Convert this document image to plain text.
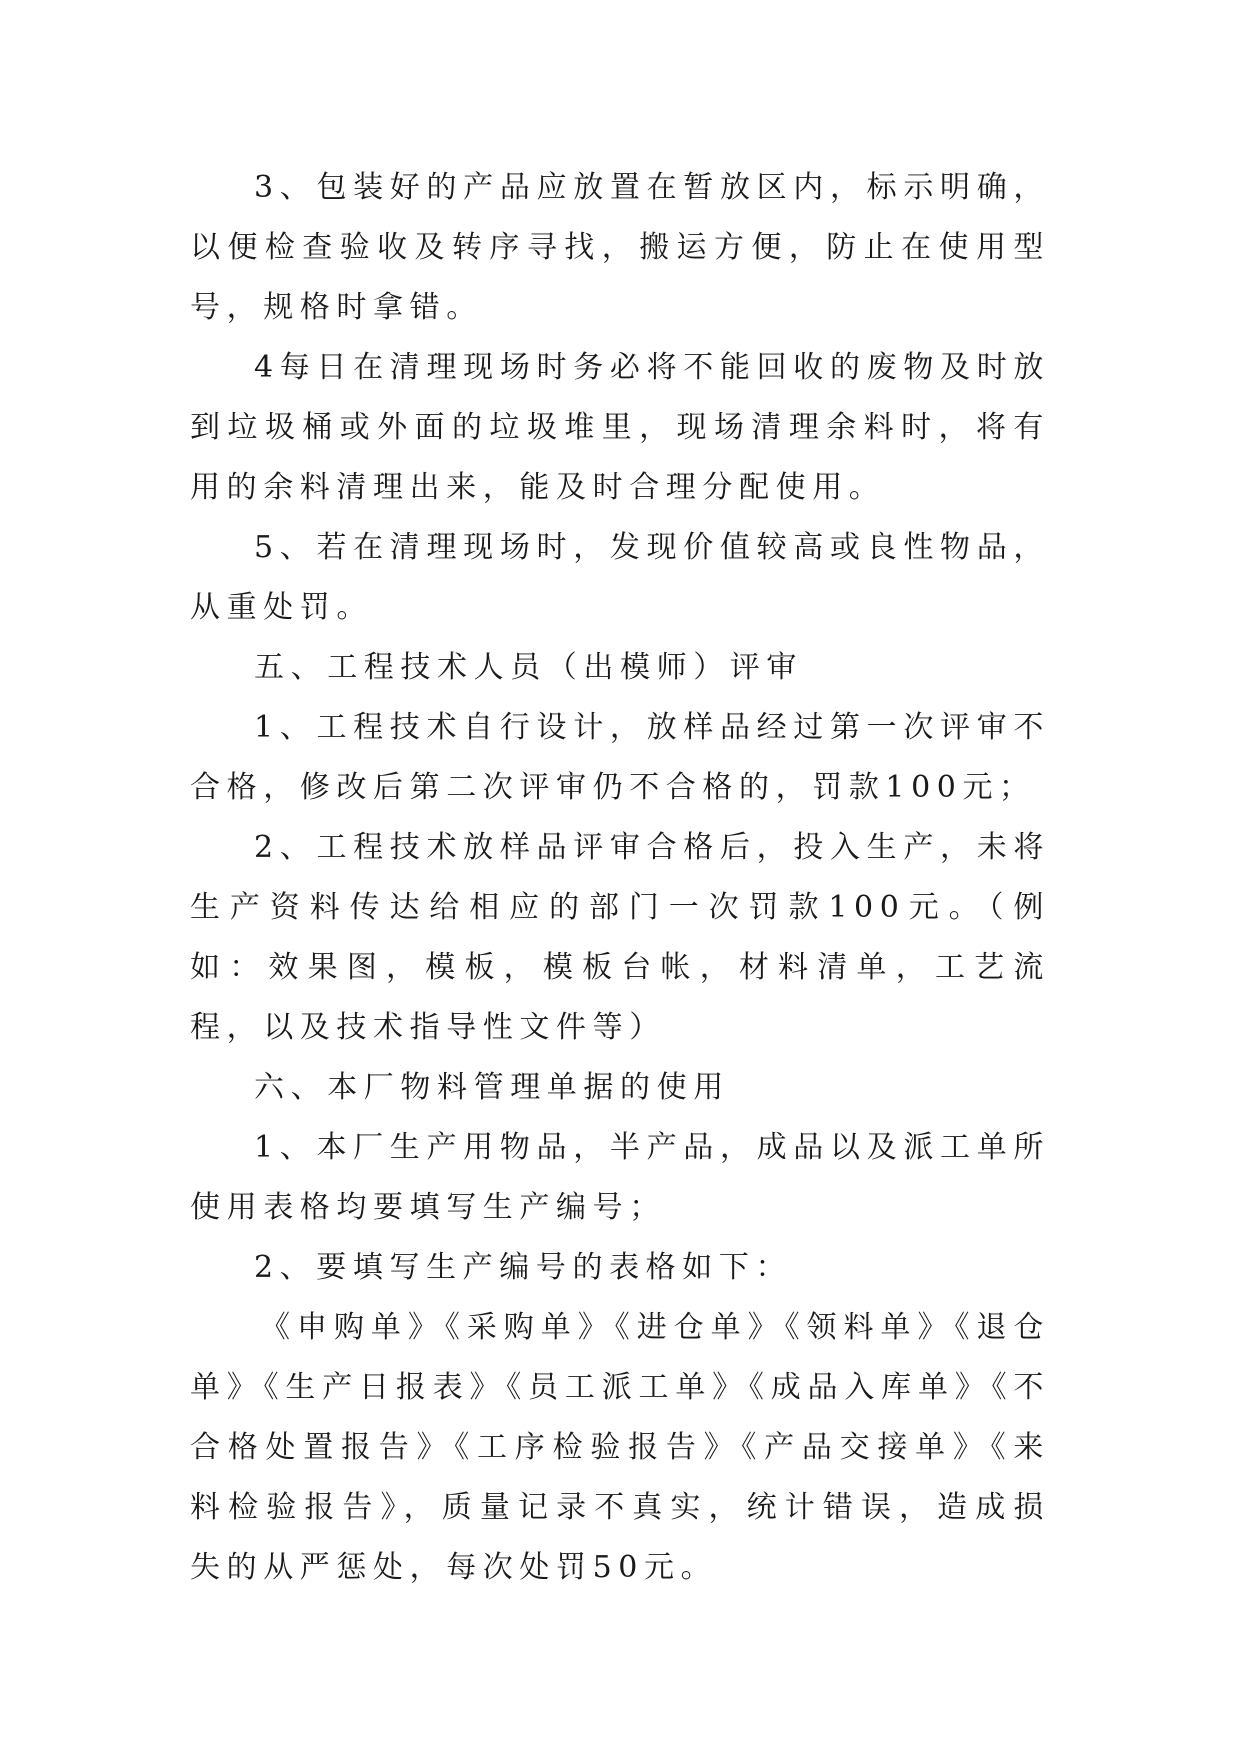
3、包装好的产品应放置在暂放区内，标示明确，以便检查验收及转序寻找，搬运方便，防止在使用型号，规格时拿错。

4每日在清理现场时务必将不能回收的废物及时放到垃圾桶或外面的垃圾堆里，现场清理余料时，将有用的余料清理出来，能及时合理分配使用。

5、若在清理现场时，发现价值较高或良性物品，从重处罚。

五、工程技术人员（出模师）评审

1、工程技术自行设计，放样品经过第一次评审不合格，修改后第二次评审仍不合格的，罚款100元；

2、工程技术放样品评审合格后，投入生产，未将生产资料传达给相应的部门一次罚款100元。（例如：效果图，模板，模板台帐，材料清单，工艺流程，以及技术指导性文件等）

六、本厂物料管理单据的使用

1、本厂生产用物品，半产品，成品以及派工单所使用表格均要填写生产编号；

2、要填写生产编号的表格如下：

《申购单》《采购单》《进仓单》《领料单》《退仓单》《生产日报表》《员工派工单》《成品入库单》《不合格处置报告》《工序检验报告》《产品交接单》《来料检验报告》，质量记录不真实，统计错误，造成损失的从严惩处，每次处罚50元。
